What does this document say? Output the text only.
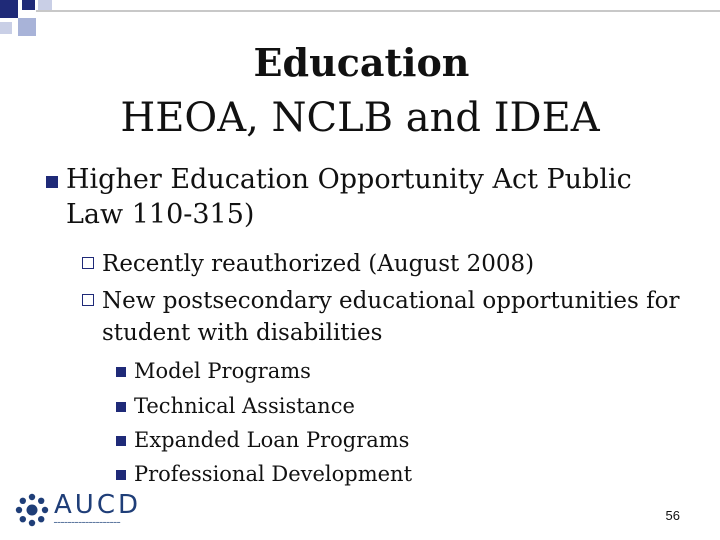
Education
HEOA, NCLB and IDEA
Higher Education Opportunity Act Public Law 110-315)
Recently reauthorized (August 2008)
New postsecondary educational opportunities for student with disabilities
Model Programs
Technical Assistance
Expanded Loan Programs
Professional Development
AUCD
━━━━━━━━━━━━━━━━━━━	56
